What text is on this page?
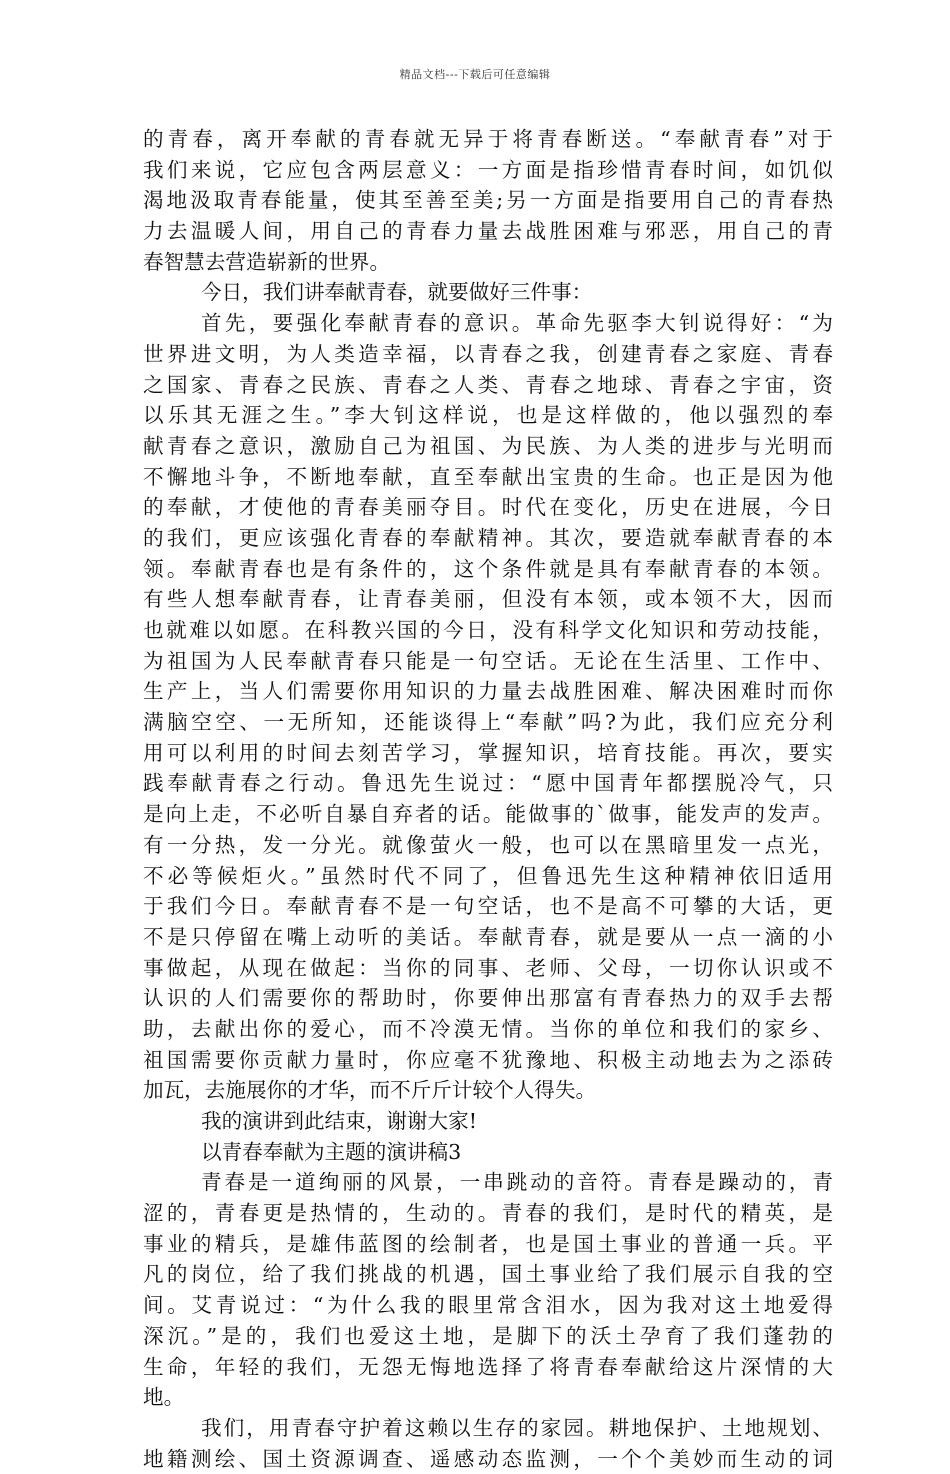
精品文档---下载后可任意编辑
的青春，离开奉献的青春就无异于将青春断送。“奉献青春”对于
我们来说，它应包含两层意义：一方面是指珍惜青春时间，如饥似
渴地汲取青春能量，使其至善至美;另一方面是指要用自己的青春热
力去温暖人间，用自己的青春力量去战胜困难与邪恶，用自己的青
春智慧去营造崭新的世界。
今日，我们讲奉献青春，就要做好三件事：
首先，要强化奉献青春的意识。革命先驱李大钊说得好：“为
世界进文明，为人类造幸福，以青春之我，创建青春之家庭、青春
之国家、青春之民族、青春之人类、青春之地球、青春之宇宙，资
以乐其无涯之生。”李大钊这样说，也是这样做的，他以强烈的奉
献青春之意识，激励自己为祖国、为民族、为人类的进步与光明而
不懈地斗争，不断地奉献，直至奉献出宝贵的生命。也正是因为他
的奉献，才使他的青春美丽夺目。时代在变化，历史在进展，今日
的我们，更应该强化青春的奉献精神。其次，要造就奉献青春的本
领。奉献青春也是有条件的，这个条件就是具有奉献青春的本领。
有些人想奉献青春，让青春美丽，但没有本领，或本领不大，因而
也就难以如愿。在科教兴国的今日，没有科学文化知识和劳动技能，
为祖国为人民奉献青春只能是一句空话。无论在生活里、工作中、
生产上，当人们需要你用知识的力量去战胜困难、解决困难时而你
满脑空空、一无所知，还能谈得上“奉献”吗?为此，我们应充分利
用可以利用的时间去刻苦学习，掌握知识，培育技能。再次，要实
践奉献青春之行动。鲁迅先生说过：“愿中国青年都摆脱冷气，只
是向上走，不必听自暴自弃者的话。能做事的`做事，能发声的发声。
有一分热，发一分光。就像萤火一般，也可以在黑暗里发一点光，
不必等候炬火。”虽然时代不同了，但鲁迅先生这种精神依旧适用
于我们今日。奉献青春不是一句空话，也不是高不可攀的大话，更
不是只停留在嘴上动听的美话。奉献青春，就是要从一点一滴的小
事做起，从现在做起：当你的同事、老师、父母，一切你认识或不
认识的人们需要你的帮助时，你要伸出那富有青春热力的双手去帮
助，去献出你的爱心，而不冷漠无情。当你的单位和我们的家乡、
祖国需要你贡献力量时，你应毫不犹豫地、积极主动地去为之添砖
加瓦，去施展你的才华，而不斤斤计较个人得失。
我的演讲到此结束，谢谢大家!
以青春奉献为主题的演讲稿3
青春是一道绚丽的风景，一串跳动的音符。青春是躁动的，青
涩的，青春更是热情的，生动的。青春的我们，是时代的精英，是
事业的精兵，是雄伟蓝图的绘制者，也是国土事业的普通一兵。平
凡的岗位，给了我们挑战的机遇，国土事业给了我们展示自我的空
间。艾青说过：“为什么我的眼里常含泪水，因为我对这土地爱得
深沉。”是的，我们也爱这土地，是脚下的沃土孕育了我们蓬勃的
生命，年轻的我们，无怨无悔地选择了将青春奉献给这片深情的大
地。
我们，用青春守护着这赖以生存的家园。耕地保护、土地规划、
地籍测绘、国土资源调查、遥感动态监测，一个个美妙而生动的词
